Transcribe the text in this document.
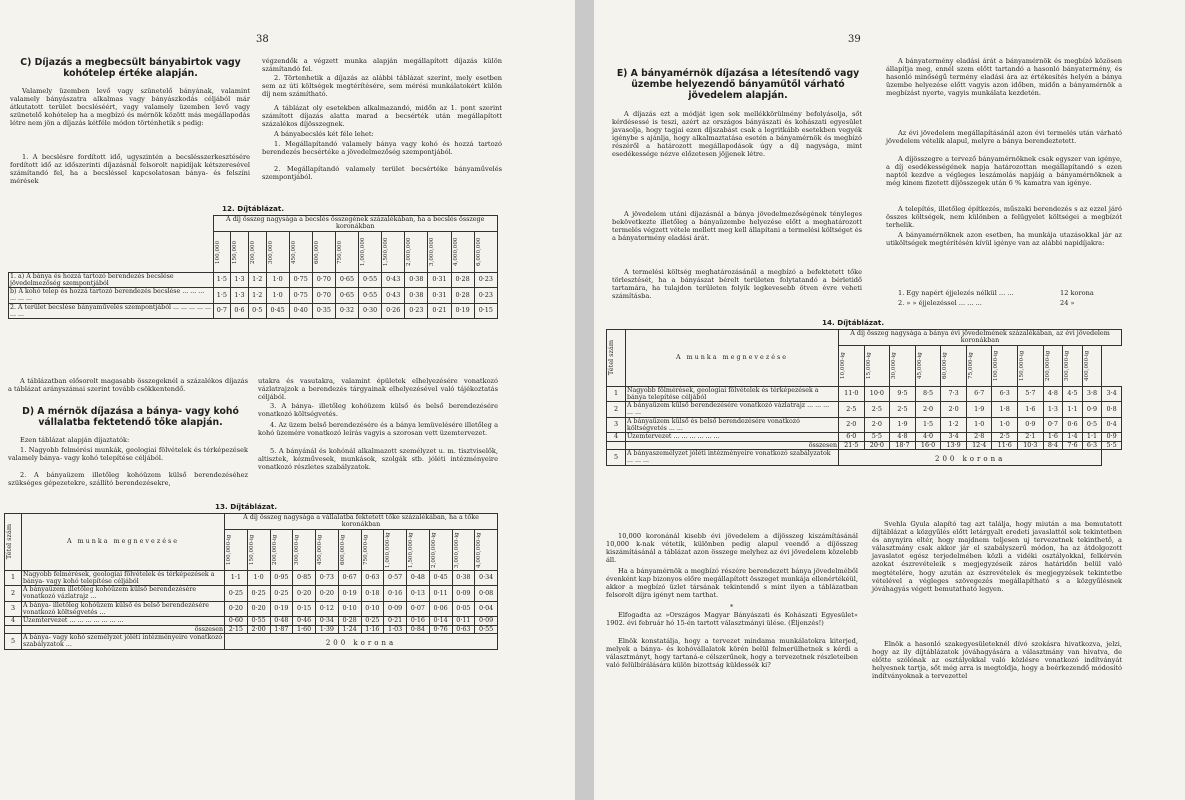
38
C) Díjazás a megbecsült bányabirtok vagy kohótelep értéke alapján.

Valamely üzemben levő vagy szünetelő bányának, valamint valamely bányászatra alkalmas vagy bányászkodás céljából már átkutatott terület becsléséért, vagy valamely üzemben levő vagy szünetelő kohótelep ha a megbízó és mérnök között más megállapodás létre nem jön a díjazás kétféle módon történhetik s pedig:

1. A becslésre fordított idő, ugyszintén a becslésszerkesztésére fordított idő az időszerinti díjazásnál felsorolt napidíjak kétszeresével számítandó fel, ha a becsléssel kapcsolatosan bánya- és felszíni mérések

végzendők a végzett munka alapján megállapított díjazás külön számítandó fel.

2. Törtenhetik a díjazás az alábbi táblázat szerint, mely esetben sem az úti költségek megtérítésére, sem mérési munkálatokért külön díj nem számítható.

A táblázat oly esetekben alkalmazandó, midőn az 1. pont szerint számított díjazás alatta marad a becsérték után megállapított százalékos díjösszegnek.

A bányabecslés két féle lehet:

1. Megállapítandó valamely bánya vagy kohó és hozzá tartozó berendezés becsértéke a jövedelmezőség szempontjából.

2. Megállapítandó valamely terület becsértéke bányaművelés szempontjából.

12. Díjtáblázat.
	A díj összeg nagysága a becslés összegének százalékában, ha a becslés összege koronákban												

	100,000	150,000	200,000	300,000	450,000	600,000	750,000	1,000,000	1,500,000	2,000,000	3,000,000	4,000,000	6,000,000

1. a) A bánya és hozzá tartozó berendezés becslése jövedelmezőség szempontjából	1·5	1·3	1·2	1·0	0·75	0·70	0·65	0·55	0·43	0·38	0·31	0·28	0·23
b) A kohó telep és hozzá tartozó berendezés becslése ... ... ... ... ... ...	1·5	1·3	1·2	1·0	0·75	0·70	0·65	0·55	0·43	0·38	0·31	0·28	0·23
2. A terület becslése bányaművelés szempontjából ... ... ... ... ... ... ...	0·7	0·6	0·5	0·45	0·40	0·35	0·32	0·30	0·26	0·23	0·21	0·19	0·15

A táblázatban elősorolt magasabb összegeknél a százalékos díjazás a táblázat arányszámai szerint tovább csökkentendő.

D) A mérnök díjazása a bánya- vagy kohó vállalatba fektetendő tőke alapján.

Ezen táblázat alapján díjaztatók:

1. Nagyobb felmérési munkák, geologiai fölvételek és térképezések valamely bánya- vagy kohó telepítése céljából.

2. A bányaüzem illetőleg kohóüzem külső berendezéséhez szükséges gépezetekre, szállító berendezésekre,

utakra és vasutakra, valamint épületek elhelyezésére vonatkozó vázlatrajzok a berendezés tárgyainak elhelyezésével való tájékoztatás céljából.

3. A bánya- illetőleg kohóüzem külső és belső berendezésére vonatkozó költségvetés.

4. Az üzem belső berendezésére és a bánya lemüvelésére illetőleg a kohó üzemére vonatkozó leírás vagyis a szorosan vett üzemtervezet.

5. A bányánál és kohónál alkalmazott személyzet u. m. tisztviselők, altisztek, kézművesek, munkások, szolgák stb. jóléti intézményeire vonatkozó részletes szabályzatok.

13. Díjtáblázat.
Tétel szám	A munka megnevezése	A díj összeg nagysága a vállalatba fektetett tőke százalékában, ha a tőke koronákban											

		100,000-ig	150,000-ig	200,000-ig	300,000-ig	450,000-ig	600,000-ig	750,000-ig	1,000,000-ig	1,500,000-ig	2,000,000-ig	3,000,000-ig	4,000,000-ig

1	Nagyobb felmérések, geologiai fölvételek és térképezések a bánya- vagy kohó telepítése céljából	1·1	1·0	0·95	0·85	0·73	0·67	0·63	0·57	0·48	0·45	0·38	0·34
2	A bányaüzem illetőleg kohóüzem külső berendezésére vonatkozó vázlatrajz ...	0·25	0·25	0·25	0·20	0·20	0·19	0·18	0·16	0·13	0·11	0·09	0·08
3	A bánya- illetőleg kohóüzem külső és belső berendezésére vonatkozó költségvetés ...	0·20	0·20	0·19	0·15	0·12	0·10	0·10	0·09	0·07	0·06	0·05	0·04
4	Üzemtervezet ... ... ... ... ... ... ...	0·60	0·55	0·48	0·46	0·34	0·28	0·25	0·21	0·16	0·14	0·11	0·09
	összesen	2·15	2·00	1·87	1·60	1·39	1·24	1·16	1·03	0·84	0·76	0·63	0·55
5	A bánya- vagy kohó személyzet jóléti intézményeire vonatkozó szabályzatok ...	200 korona											
39
E) A bányamérnök díjazása a létesítendő vagy üzembe helyezendő bányaműtől várható jövedelem alapján.

A díjazás ezt a módját igen sok mellékkörülmény befolyásolja, sőt kérdésessé is teszi, azért az országos bányászati és kohászati egyesület javasolja, hogy tagjai ezen díjszabást csak a legritkább esetekben vegyék igénybe s ajánlja, hogy alkalmaztatása esetén a bányamérnök és megbízó részéről a határozott megállapodások úgy a díj nagysága, mint esedékessége nézve előzetesen jöjjenek létre.

A jövedelem utáni díjazásnál a bánya jövedelmezőségének tényleges bekövetkezte illetőleg a bányaüzembe helyezése előtt a meghatározott termelés végzett vétele mellett meg kell állapítani a termelési költséget és a bányatermény eladási árát.

A termelési költség meghatározásánál a megbízó a befektetett tőke törlesztését, ha a bányászat bérelt területen folytatandó a bérletidő tartamára, ha tulajdon területen folyik legkevesebb ötven évre veheti számításba.

A bányatermény eladási árát a bányamérnök és megbízó közösen állapítja meg, ennél szem előtt tartandó a hasonló bányatermény, és hasonló minőségű termény eladási ára az értékesítés helyén a bánya üzembe helyezése előtt vagyis azon időben, midőn a bányamérnök a megbízást nyerte, vagyis munkálata kezdetén.

Az évi jövedelem megállapításánál azon évi termelés után várható jövedelem vételik alapul, melyre a bánya berendeztetett.

A díjösszegre a tervező bányamérnöknek csak egyszer van igénye, a díj esedékességének napja határozottan megállapítandó s ezen naptól kezdve a végleges leszámolás napjáig a bányamérnöknek a még kinem fizetett díjösszegek után 6 % kamatra van igénye.

A telepítés, illetőleg építkezés, műszaki berendezés s az ezzel járó összes költségek, nem különben a felügyelet költségei a megbízót terhelik.

A bányamérnöknek azon esetben, ha munkája utazásokkal jár az utiköltségek megtérítésén kívül igénye van az alábbi napidíjakra:

1. Egy napért éjjelezés nélkül ... ...	12 korona
2. » » éjjelezéssel ... ... ...	24 »
14. Díjtáblázat.
Tétel szám	A munka megnevezése	A díj összeg nagysága a bánya évi jövedelmének százalékában, az évi jövedelem koronákban											

		10,000-ig	15,000-ig	30,000-ig	45,000-ig	60,000-ig	75,000-ig	100,000-ig	150,000-ig	200,000-ig	300,000-ig	400,000-ig	

1	Nagyobb fölmérések, geologiai fölvételek és térképezések a bánya telepítése céljából	11·0	10·0	9·5	8·5	7·3	6·7	6·3	5·7	4·8	4·5	3·8	3·4
2	A bányaüzem külső berendezésére vonatkozó vázlatrajz ... ... ... ... ...	2·5	2·5	2·5	2·0	2·0	1·9	1·8	1·6	1·3	1·1	0·9	0·8
3	A bányaüzem külső és belső berendezésére vonatkozó költségvetés ... ...	2·0	2·0	1·9	1·5	1·2	1·0	1·0	0·9	0·7	0·6	0·5	0·4
4	Üzemtervezet ... ... ... ... ... ...	6·0	5·5	4·8	4·0	3·4	2·8	2·5	2·1	1·6	1·4	1·1	0·9
	összesen	21·5	20·0	18·7	16·0	13·9	12·4	11·6	10·3	8·4	7·6	6·3	5·5
5	A bányaszemélyzet jóléti intézményeire vonatkozó szabályzatok ... ... ...	200 korona											

10,000 koronánál kisebb évi jövedelem a díjösszeg kiszámításánál 10,000 k-nak vétetik, különben pedig alapul veendő a díjösszeg kiszámításánál a táblázat azon összege melyhez az évi jövedelem közelebb áll.

Ha a bányamérnök a megbízó részére berendezett bánya jövedelméből évenként kap bizonyos előre megállapított összeget munkája ellenértékéül, akkor a megbízó üzlet társának tekintendő s mint ilyen a táblázatban felsorolt díjra igényt nem tarthat.

*

Elfogadta az »Országos Magyar Bányászati és Kohászati Egyesület« 1902. évi február hó 15-én tartott választmányi ülése. (Éljenzés!)

Elnök konstatálja, hogy a tervezet mindama munkálatokra kiterjed, melyek a bánya- és kohóvállalatok körén belül felmerülhetnek s kérdi a választmányt, hogy tartaná-e célszerűnek, hogy a tervezetnek részleteiben való felülbírálására külön bizottság küldessék ki?

Svehla Gyula alapító tag azt találja, hogy miután a ma bemutatott díjtáblázat a közgyűlés előtt letárgyalt eredeti javaslattól sok tekintetben és anynyira eltér, hogy majdnem teljesen uj tervezetnek tekinthető, a választmány csak akkor jár el szabályszerű módon, ha az átdolgozott javaslatot egész terjedelmében közli a vidéki osztályokkal, felkérvén azokat észrevételeik s megjegyzéseik záros határidőn belül való megtételére, hogy azután az észrevételek és megjegyzések tekintetbe vételével a végleges szövegezés megállapítható s a közgyűlésnek jóváhagyás végett bemutatható legyen.

Elnök a hasonló szakegyesületeknél dívó szokásra hivatkozva, jelzi, hogy az ily díjtáblázatok jóváhagyására a választmány van hivatva, de előtte szólónak az osztályokkal való közlésre vonatkozó indítványát helyesnek tartja, sőt még arra is megtoldja, hogy a beérkezendő módosító indítványoknak a tervezettel
